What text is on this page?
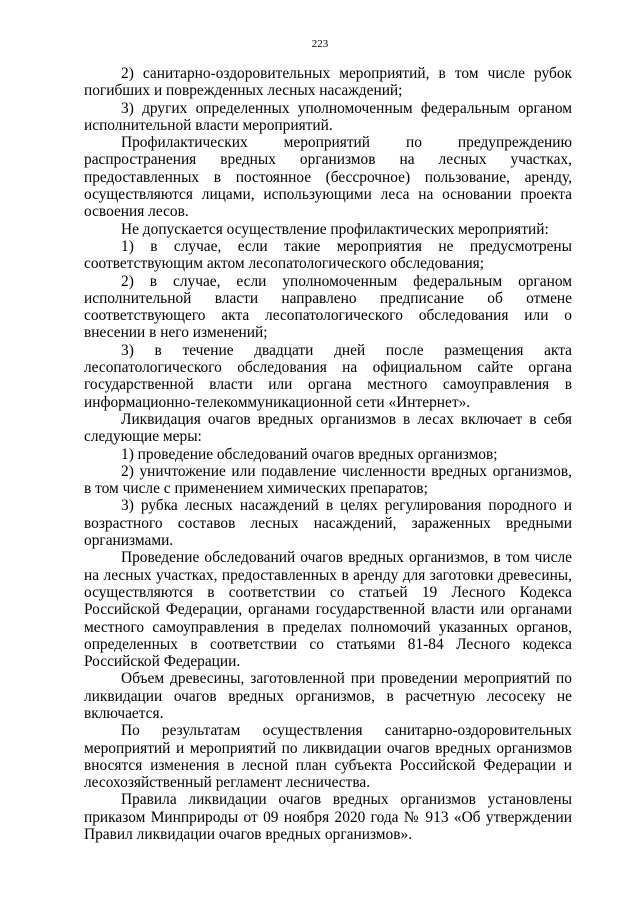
223

2) санитарно-оздоровительных мероприятий, в том числе рубок погибших и поврежденных лесных насаждений;

3) других определенных уполномоченным федеральным органом исполнительной власти мероприятий.

Профилактических мероприятий по предупреждению распространения вредных организмов на лесных участках, предоставленных в постоянное (бессрочное) пользование, аренду, осуществляются лицами, использующими леса на основании проекта освоения лесов.

Не допускается осуществление профилактических мероприятий:

1) в случае, если такие мероприятия не предусмотрены соответствующим актом лесопатологического обследования;

2) в случае, если уполномоченным федеральным органом исполнительной власти направлено предписание об отмене соответствующего акта лесопатологического обследования или о внесении в него изменений;

3) в течение двадцати дней после размещения акта лесопатологического обследования на официальном сайте органа государственной власти или органа местного самоуправления в информационно-телекоммуникационной сети «Интернет».

Ликвидация очагов вредных организмов в лесах включает в себя следующие меры:

1) проведение обследований очагов вредных организмов;

2) уничтожение или подавление численности вредных организмов, в том числе с применением химических препаратов;

3) рубка лесных насаждений в целях регулирования породного и возрастного составов лесных насаждений, зараженных вредными организмами.

Проведение обследований очагов вредных организмов, в том числе на лесных участках, предоставленных в аренду для заготовки древесины, осуществляются в соответствии со статьей 19 Лесного Кодекса Российской Федерации, органами государственной власти или органами местного самоуправления в пределах полномочий указанных органов, определенных в соответствии со статьями 81-84 Лесного кодекса Российской Федерации.

Объем древесины, заготовленной при проведении мероприятий по ликвидации очагов вредных организмов, в расчетную лесосеку не включается.

По результатам осуществления санитарно-оздоровительных мероприятий и мероприятий по ликвидации очагов вредных организмов вносятся изменения в лесной план субъекта Российской Федерации и лесохозяйственный регламент лесничества.

Правила ликвидации очагов вредных организмов установлены приказом Минприроды от 09 ноября 2020 года № 913 «Об утверждении Правил ликвидации очагов вредных организмов».
